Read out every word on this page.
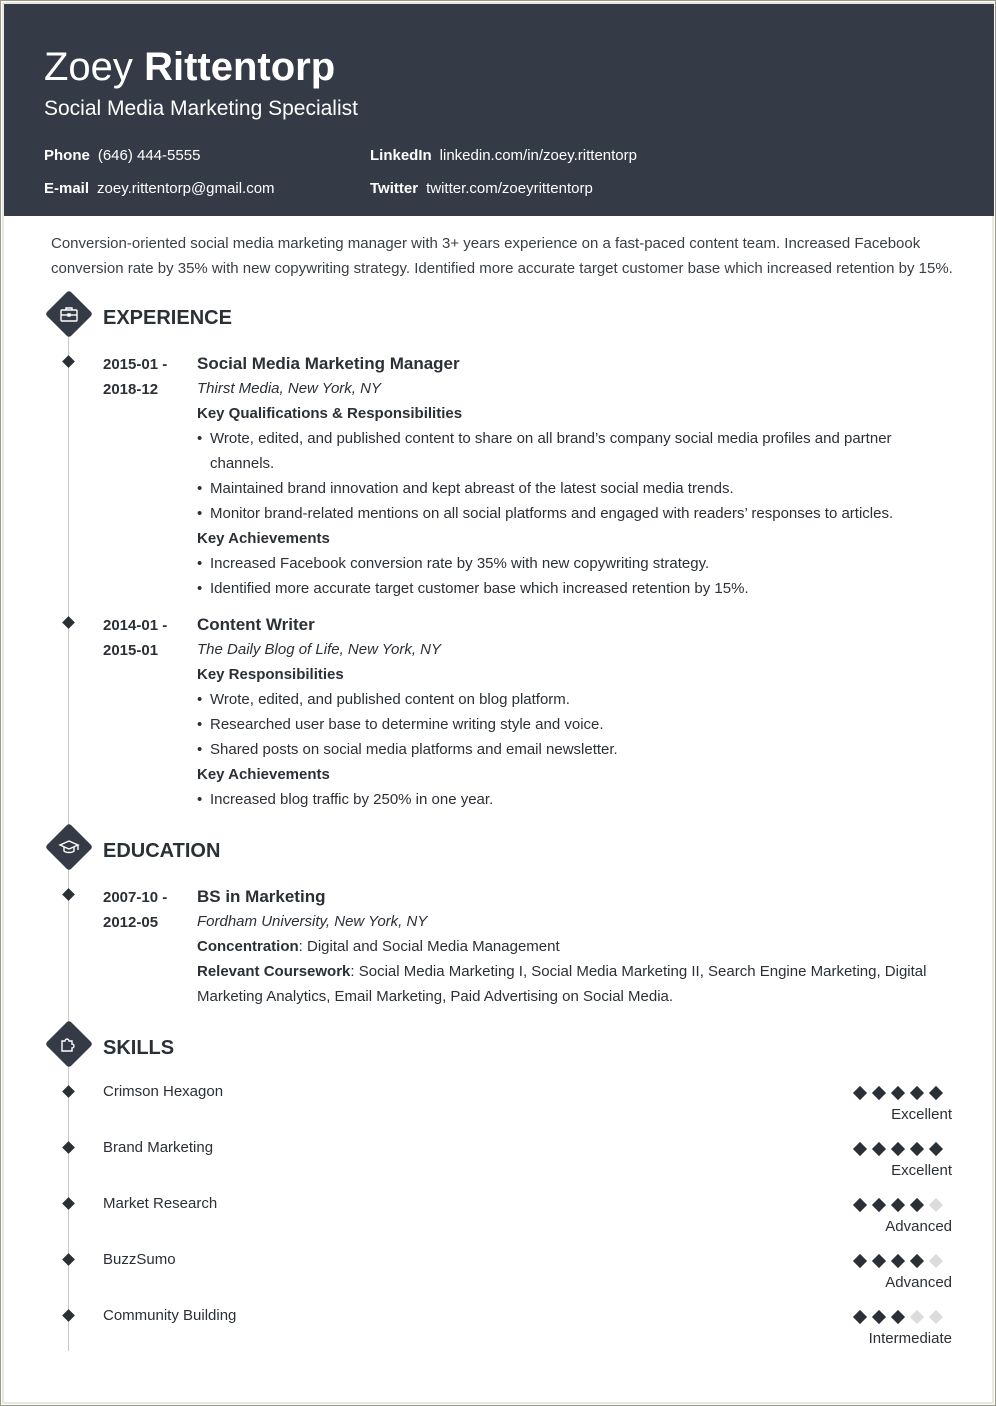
Zoey Rittentorp
Social Media Marketing Specialist
Phone (646) 444-5555
E-mail zoey.rittentorp@gmail.com
LinkedIn linkedin.com/in/zoey.rittentorp
Twitter twitter.com/zoeyrittentorp
Conversion-oriented social media marketing manager with 3+ years experience on a fast-paced content team. Increased Facebook conversion rate by 35% with new copywriting strategy. Identified more accurate target customer base which increased retention by 15%.
EXPERIENCE
2015-01 -
2018-12
Social Media Marketing Manager
Thirst Media, New York, NY
Key Qualifications & Responsibilities
• Wrote, edited, and published content to share on all brand’s company social media profiles and partner channels.
• Maintained brand innovation and kept abreast of the latest social media trends.
• Monitor brand-related mentions on all social platforms and engaged with readers’ responses to articles.
Key Achievements
• Increased Facebook conversion rate by 35% with new copywriting strategy.
• Identified more accurate target customer base which increased retention by 15%.
2014-01 -
2015-01
Content Writer
The Daily Blog of Life, New York, NY
Key Responsibilities
• Wrote, edited, and published content on blog platform.
• Researched user base to determine writing style and voice.
• Shared posts on social media platforms and email newsletter.
Key Achievements
• Increased blog traffic by 250% in one year.
EDUCATION
2007-10 -
2012-05
BS in Marketing
Fordham University, New York, NY
Concentration: Digital and Social Media Management
Relevant Coursework: Social Media Marketing I, Social Media Marketing II, Search Engine Marketing, Digital Marketing Analytics, Email Marketing, Paid Advertising on Social Media.
SKILLS
Crimson Hexagon
Excellent
Brand Marketing
Excellent
Market Research
Advanced
BuzzSumo
Advanced
Community Building
Intermediate
